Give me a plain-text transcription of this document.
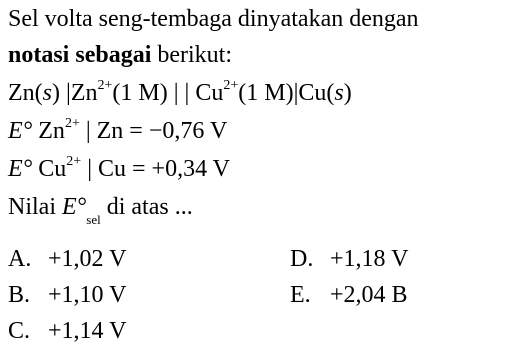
Sel volta seng-tembaga dinyatakan dengan
notasi sebagai berikut:
Zn(s) $|Zn^{2+}(1$ M) | | $Cu^{2+}(1$ M)|Cu(s)
E° $Zn^{2+}$ | Zn = −0,76 V
E° $Cu^{2+}$ | Cu = +0,34 V
Nilai $E^\circ_{sel}$ di atas ...
A. +1,02 V
B. +1,10 V
C. +1,14 V
D. +1,18 V
E. +2,04 B
